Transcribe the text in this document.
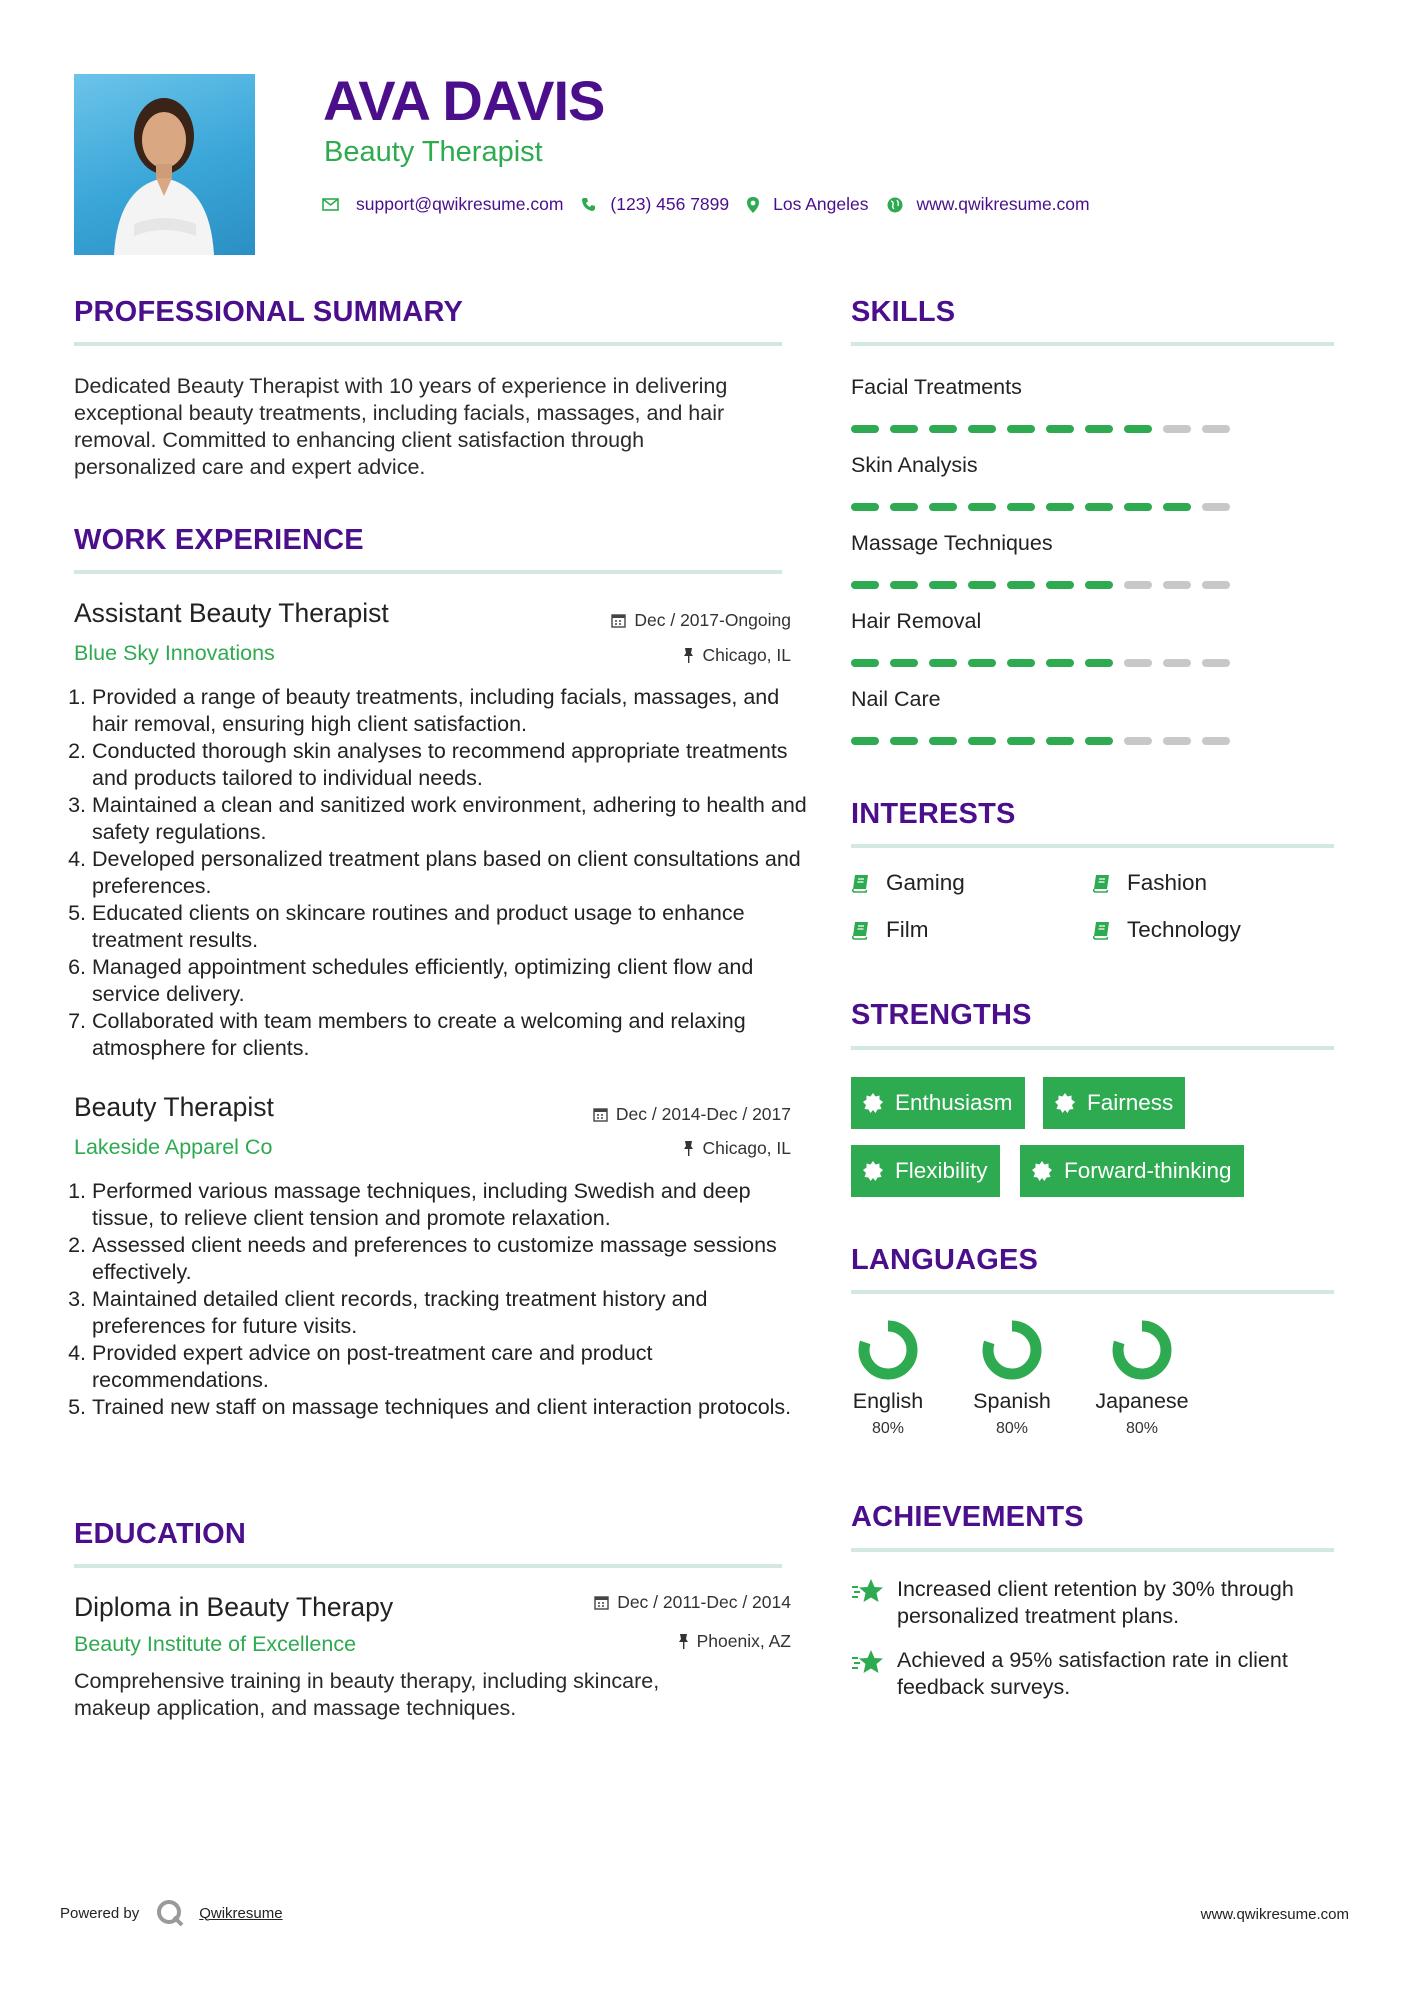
AVA DAVIS
Beauty Therapist
support@qwikresume.com	(123) 456 7899	Los Angeles	www.qwikresume.com
PROFESSIONAL SUMMARY
Dedicated Beauty Therapist with 10 years of experience in delivering
exceptional beauty treatments, including facials, massages, and hair
removal. Committed to enhancing client satisfaction through
personalized care and expert advice.
WORK EXPERIENCE
Assistant Beauty Therapist	Dec / 2017-Ongoing
Blue Sky Innovations	Chicago, IL
1. Provided a range of beauty treatments, including facials, massages, and hair removal, ensuring high client satisfaction.
2. Conducted thorough skin analyses to recommend appropriate treatments and products tailored to individual needs.
3. Maintained a clean and sanitized work environment, adhering to health and safety regulations.
4. Developed personalized treatment plans based on client consultations and preferences.
5. Educated clients on skincare routines and product usage to enhance treatment results.
6. Managed appointment schedules efficiently, optimizing client flow and service delivery.
7. Collaborated with team members to create a welcoming and relaxing atmosphere for clients.
Beauty Therapist	Dec / 2014-Dec / 2017
Lakeside Apparel Co	Chicago, IL
1. Performed various massage techniques, including Swedish and deep tissue, to relieve client tension and promote relaxation.
2. Assessed client needs and preferences to customize massage sessions effectively.
3. Maintained detailed client records, tracking treatment history and preferences for future visits.
4. Provided expert advice on post-treatment care and product recommendations.
5. Trained new staff on massage techniques and client interaction protocols.
EDUCATION
Diploma in Beauty Therapy	Dec / 2011-Dec / 2014
Beauty Institute of Excellence	Phoenix, AZ
Comprehensive training in beauty therapy, including skincare,
makeup application, and massage techniques.
SKILLS
Facial Treatments
Skin Analysis
Massage Techniques
Hair Removal
Nail Care
INTERESTS
Gaming	Fashion
Film	Technology
STRENGTHS
Enthusiasm	Fairness
Flexibility	Forward-thinking
LANGUAGES
English
80%
Spanish
80%
Japanese
80%
ACHIEVEMENTS
Increased client retention by 30% through
personalized treatment plans.
Achieved a 95% satisfaction rate in client
feedback surveys.
Powered by	Qwikresume	www.qwikresume.com
